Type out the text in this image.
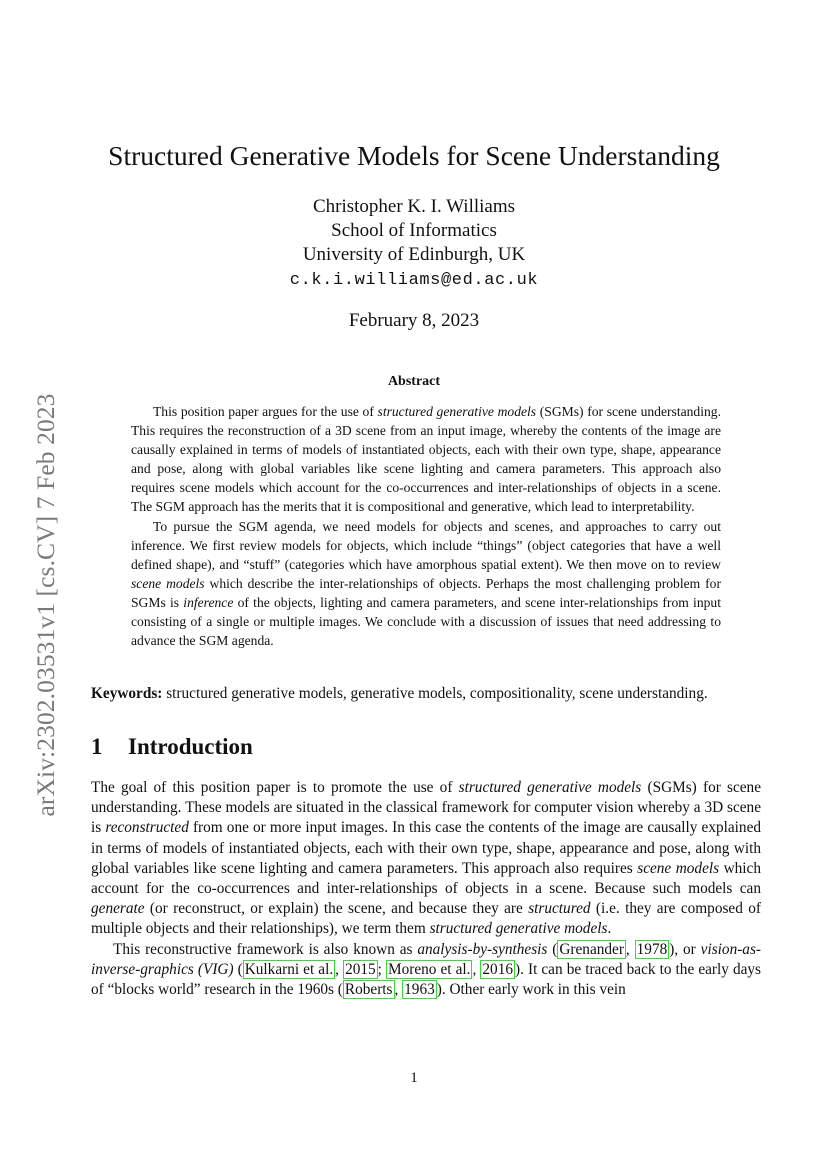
arXiv:2302.03531v1 [cs.CV] 7 Feb 2023
Structured Generative Models for Scene Understanding
Christopher K. I. Williams
School of Informatics
University of Edinburgh, UK
c.k.i.williams@ed.ac.uk
February 8, 2023
Abstract

This position paper argues for the use of structured generative models (SGMs) for scene understanding. This requires the reconstruction of a 3D scene from an input image, whereby the contents of the image are causally explained in terms of models of instantiated objects, each with their own type, shape, appearance and pose, along with global variables like scene lighting and camera parameters. This approach also requires scene models which account for the co-occurrences and inter-relationships of objects in a scene. The SGM approach has the merits that it is compositional and generative, which lead to interpretability.

To pursue the SGM agenda, we need models for objects and scenes, and approaches to carry out inference. We first review models for objects, which include “things” (object categories that have a well defined shape), and “stuff” (categories which have amorphous spatial extent). We then move on to review scene models which describe the inter-relationships of objects. Perhaps the most challenging problem for SGMs is inference of the objects, lighting and camera parameters, and scene inter-relationships from input consisting of a single or multiple images. We conclude with a discussion of issues that need addressing to advance the SGM agenda.

Keywords: structured generative models, generative models, compositionality, scene understanding.
1 Introduction

The goal of this position paper is to promote the use of structured generative models (SGMs) for scene understanding. These models are situated in the classical framework for computer vision whereby a 3D scene is reconstructed from one or more input images. In this case the contents of the image are causally explained in terms of models of instantiated objects, each with their own type, shape, appearance and pose, along with global variables like scene lighting and camera parameters. This approach also requires scene models which account for the co-occurrences and inter-relationships of objects in a scene. Because such models can generate (or reconstruct, or explain) the scene, and because they are structured (i.e. they are composed of multiple objects and their relationships), we term them structured generative models.

This reconstructive framework is also known as analysis-by-synthesis ( Grenander , 1978 ), or vision-as-inverse-graphics (VIG) ( Kulkarni et al. , 2015 ; Moreno et al. , 2016 ). It can be traced back to the early days of “blocks world” research in the 1960s ( Roberts , 1963 ). Other early work in this vein

1
